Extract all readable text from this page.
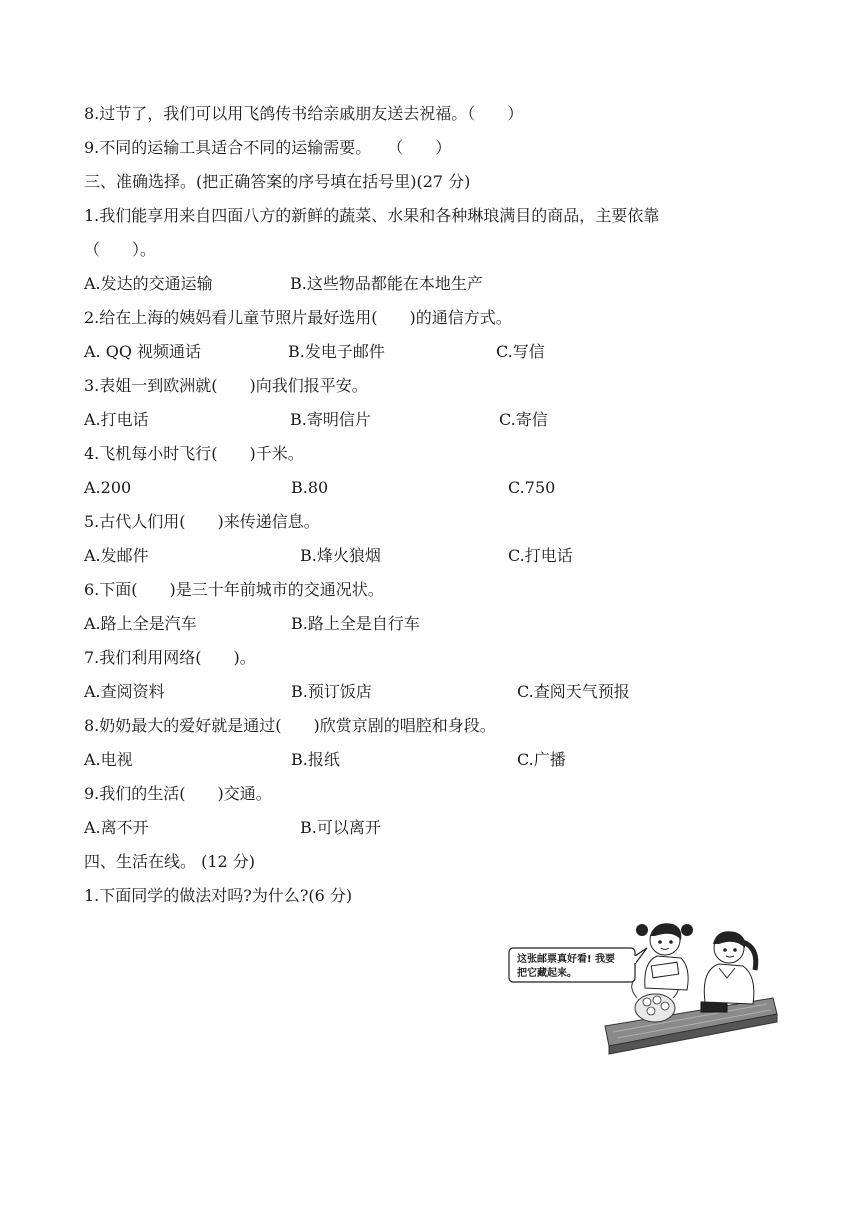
8.过节了，我们可以用飞鸽传书给亲戚朋友送去祝福。（　　）
9.不同的运输工具适合不同的运输需要。　　（　　）
三、准确选择。(把正确答案的序号填在括号里)(27 分)
1.我们能享用来自四面八方的新鲜的蔬菜、水果和各种琳琅满目的商品，主要依靠
（　　）。
A.发达的交通运输	B.这些物品都能在本地生产
2.给在上海的姨妈看儿童节照片最好选用(　　)的通信方式。
A. QQ 视频通话	B.发电子邮件	C.写信
3.表姐一到欧洲就(　　)向我们报平安。
A.打电话	B.寄明信片	C.寄信
4.飞机每小时飞行(　　)千米。
A.200	B.80	C.750
5.古代人们用(　　)来传递信息。
A.发邮件	B.烽火狼烟	C.打电话
6.下面(　　)是三十年前城市的交通况状。
A.路上全是汽车	B.路上全是自行车
7.我们利用网络(　　)。
A.查阅资料	B.预订饭店	C.查阅天气预报
8.奶奶最大的爱好就是通过(　　)欣赏京剧的唱腔和身段。
A.电视	B.报纸	C.广播
9.我们的生活(　　)交通。
A.离不开	B.可以离开
四、生活在线。 (12 分)
1.下面同学的做法对吗?为什么?(6 分)
这张邮票真好看! 我要
把它藏起来。
